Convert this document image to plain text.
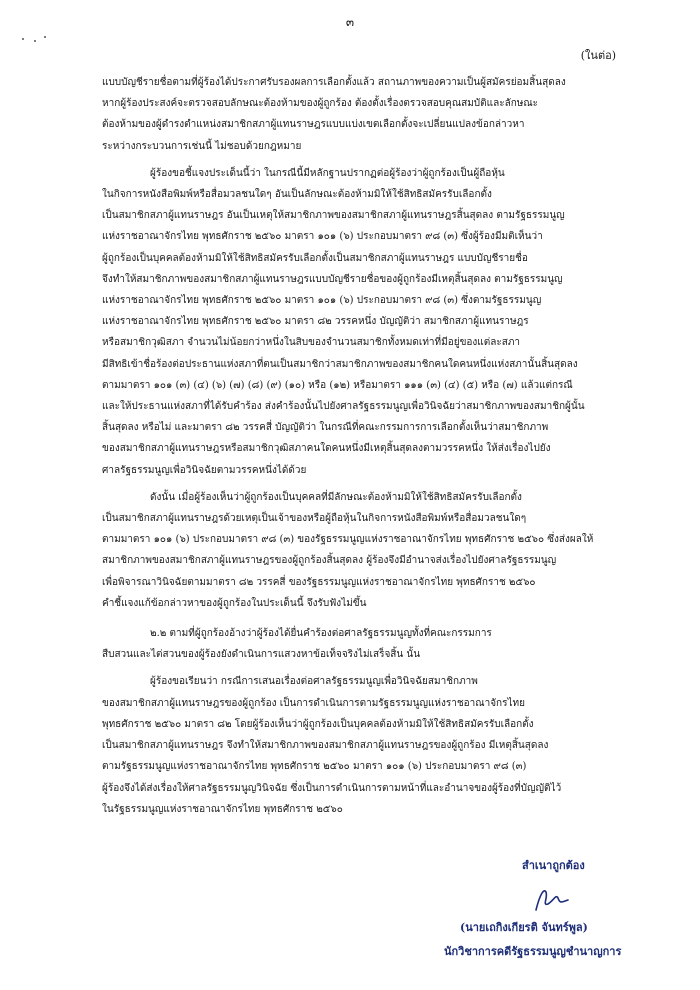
๓
(ในต่อ)
แบบบัญชีรายชื่อตามที่ผู้ร้องได้ประกาศรับรองผลการเลือกตั้งแล้ว สถานภาพของความเป็นผู้สมัครย่อมสิ้นสุดลง
หากผู้ร้องประสงค์จะตรวจสอบลักษณะต้องห้ามของผู้ถูกร้อง ต้องตั้งเรื่องตรวจสอบคุณสมบัติและลักษณะ
ต้องห้ามของผู้ดำรงตำแหน่งสมาชิกสภาผู้แทนราษฎรแบบแบ่งเขตเลือกตั้งจะเปลี่ยนแปลงข้อกล่าวหา
ระหว่างกระบวนการเช่นนี้ ไม่ชอบด้วยกฎหมาย
ผู้ร้องขอชี้แจงประเด็นนี้ว่า ในกรณีนี้มีหลักฐานปรากฏต่อผู้ร้องว่าผู้ถูกร้องเป็นผู้ถือหุ้น
ในกิจการหนังสือพิมพ์หรือสื่อมวลชนใดๆ อันเป็นลักษณะต้องห้ามมิให้ใช้สิทธิสมัครรับเลือกตั้ง
เป็นสมาชิกสภาผู้แทนราษฎร อันเป็นเหตุให้สมาชิกภาพของสมาชิกสภาผู้แทนราษฎรสิ้นสุดลง ตามรัฐธรรมนูญ
แห่งราชอาณาจักรไทย พุทธศักราช ๒๕๖๐ มาตรา ๑๐๑ (๖) ประกอบมาตรา ๙๘ (๓) ซึ่งผู้ร้องมีมติเห็นว่า
ผู้ถูกร้องเป็นบุคคลต้องห้ามมิให้ใช้สิทธิสมัครรับเลือกตั้งเป็นสมาชิกสภาผู้แทนราษฎร แบบบัญชีรายชื่อ
จึงทำให้สมาชิกภาพของสมาชิกสภาผู้แทนราษฎรแบบบัญชีรายชื่อของผู้ถูกร้องมีเหตุสิ้นสุดลง ตามรัฐธรรมนูญ
แห่งราชอาณาจักรไทย พุทธศักราช ๒๕๖๐ มาตรา ๑๐๑ (๖) ประกอบมาตรา ๙๘ (๓) ซึ่งตามรัฐธรรมนูญ
แห่งราชอาณาจักรไทย พุทธศักราช ๒๕๖๐ มาตรา ๘๒ วรรคหนึ่ง บัญญัติว่า สมาชิกสภาผู้แทนราษฎร
หรือสมาชิกวุฒิสภา จำนวนไม่น้อยกว่าหนึ่งในสิบของจำนวนสมาชิกทั้งหมดเท่าที่มีอยู่ของแต่ละสภา
มีสิทธิเข้าชื่อร้องต่อประธานแห่งสภาที่ตนเป็นสมาชิกว่าสมาชิกภาพของสมาชิกคนใดคนหนึ่งแห่งสภานั้นสิ้นสุดลง
ตามมาตรา ๑๐๑ (๓) (๔) (๖) (๗) (๘) (๙) (๑๐) หรือ (๑๒) หรือมาตรา ๑๑๑ (๓) (๔) (๕) หรือ (๗) แล้วแต่กรณี
และให้ประธานแห่งสภาที่ได้รับคำร้อง ส่งคำร้องนั้นไปยังศาลรัฐธรรมนูญเพื่อวินิจฉัยว่าสมาชิกภาพของสมาชิกผู้นั้น
สิ้นสุดลง หรือไม่ และมาตรา ๘๒ วรรคสี่ บัญญัติว่า ในกรณีที่คณะกรรมการการเลือกตั้งเห็นว่าสมาชิกภาพ
ของสมาชิกสภาผู้แทนราษฎรหรือสมาชิกวุฒิสภาคนใดคนหนึ่งมีเหตุสิ้นสุดลงตามวรรคหนึ่ง ให้ส่งเรื่องไปยัง
ศาลรัฐธรรมนูญเพื่อวินิจฉัยตามวรรคหนึ่งได้ด้วย
ดังนั้น เมื่อผู้ร้องเห็นว่าผู้ถูกร้องเป็นบุคคลที่มีลักษณะต้องห้ามมิให้ใช้สิทธิสมัครรับเลือกตั้ง
เป็นสมาชิกสภาผู้แทนราษฎรด้วยเหตุเป็นเจ้าของหรือผู้ถือหุ้นในกิจการหนังสือพิมพ์หรือสื่อมวลชนใดๆ
ตามมาตรา ๑๐๑ (๖) ประกอบมาตรา ๙๘ (๓) ของรัฐธรรมนูญแห่งราชอาณาจักรไทย พุทธศักราช ๒๕๖๐ ซึ่งส่งผลให้
สมาชิกภาพของสมาชิกสภาผู้แทนราษฎรของผู้ถูกร้องสิ้นสุดลง ผู้ร้องจึงมีอำนาจส่งเรื่องไปยังศาลรัฐธรรมนูญ
เพื่อพิจารณาวินิจฉัยตามมาตรา ๘๒ วรรคสี่ ของรัฐธรรมนูญแห่งราชอาณาจักรไทย พุทธศักราช ๒๕๖๐
คำชี้แจงแก้ข้อกล่าวหาของผู้ถูกร้องในประเด็นนี้ จึงรับฟังไม่ขึ้น
๒.๒ ตามที่ผู้ถูกร้องอ้างว่าผู้ร้องได้ยื่นคำร้องต่อศาลรัฐธรรมนูญทั้งที่คณะกรรมการ
สืบสวนและไต่สวนของผู้ร้องยังดำเนินการแสวงหาข้อเท็จจริงไม่เสร็จสิ้น นั้น
ผู้ร้องขอเรียนว่า กรณีการเสนอเรื่องต่อศาลรัฐธรรมนูญเพื่อวินิจฉัยสมาชิกภาพ
ของสมาชิกสภาผู้แทนราษฎรของผู้ถูกร้อง เป็นการดำเนินการตามรัฐธรรมนูญแห่งราชอาณาจักรไทย
พุทธศักราช ๒๕๖๐ มาตรา ๘๒ โดยผู้ร้องเห็นว่าผู้ถูกร้องเป็นบุคคลต้องห้ามมิให้ใช้สิทธิสมัครรับเลือกตั้ง
เป็นสมาชิกสภาผู้แทนราษฎร จึงทำให้สมาชิกภาพของสมาชิกสภาผู้แทนราษฎรของผู้ถูกร้อง มีเหตุสิ้นสุดลง
ตามรัฐธรรมนูญแห่งราชอาณาจักรไทย พุทธศักราช ๒๕๖๐ มาตรา ๑๐๑ (๖) ประกอบมาตรา ๙๘ (๓)
ผู้ร้องจึงได้ส่งเรื่องให้ศาลรัฐธรรมนูญวินิจฉัย ซึ่งเป็นการดำเนินการตามหน้าที่และอำนาจของผู้ร้องที่บัญญัติไว้
ในรัฐธรรมนูญแห่งราชอาณาจักรไทย พุทธศักราช ๒๕๖๐
สำเนาถูกต้อง
(นายเถกิงเกียรติ จันทร์พูล)
นักวิชาการคดีรัฐธรรมนูญชำนาญการ
